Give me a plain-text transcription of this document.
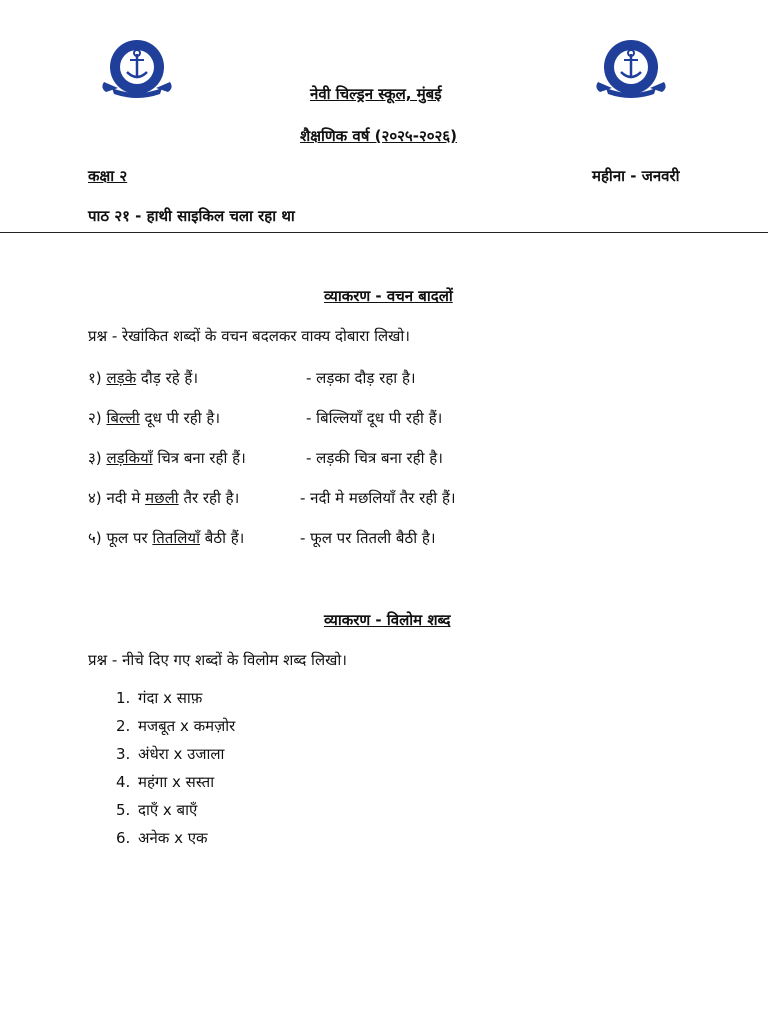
नेवी चिल्ड्रन स्कूल, मुंबई
शैक्षणिक वर्ष (२०२५-२०२६)
कक्षा २	महीना - जनवरी
पाठ २१ - हाथी साइकिल चला रहा था
व्याकरण - वचन बादलों
प्रश्न - रेखांकित शब्दों के वचन बदलकर वाक्य दोबारा लिखो।
१) लड़के दौड़ रहे हैं।	- लड़का दौड़ रहा है।
२) बिल्ली दूध पी रही है।	- बिल्लियाँ दूध पी रही हैं।
३) लड़कियाँ चित्र बना रही हैं।	- लड़की चित्र बना रही है।
४) नदी मे मछली तैर रही है।	- नदी मे मछलियाँ तैर रही हैं।
५) फूल पर तितलियाँ बैठी हैं।	- फूल पर तितली बैठी है।
व्याकरण - विलोम शब्द
प्रश्न - नीचे दिए गए शब्दों के विलोम शब्द लिखो।
1. गंदा x साफ़
2. मजबूत x कमज़ोर
3. अंधेरा x उजाला
4. महंगा x सस्ता
5. दाएँ x बाएँ
6. अनेक x एक
